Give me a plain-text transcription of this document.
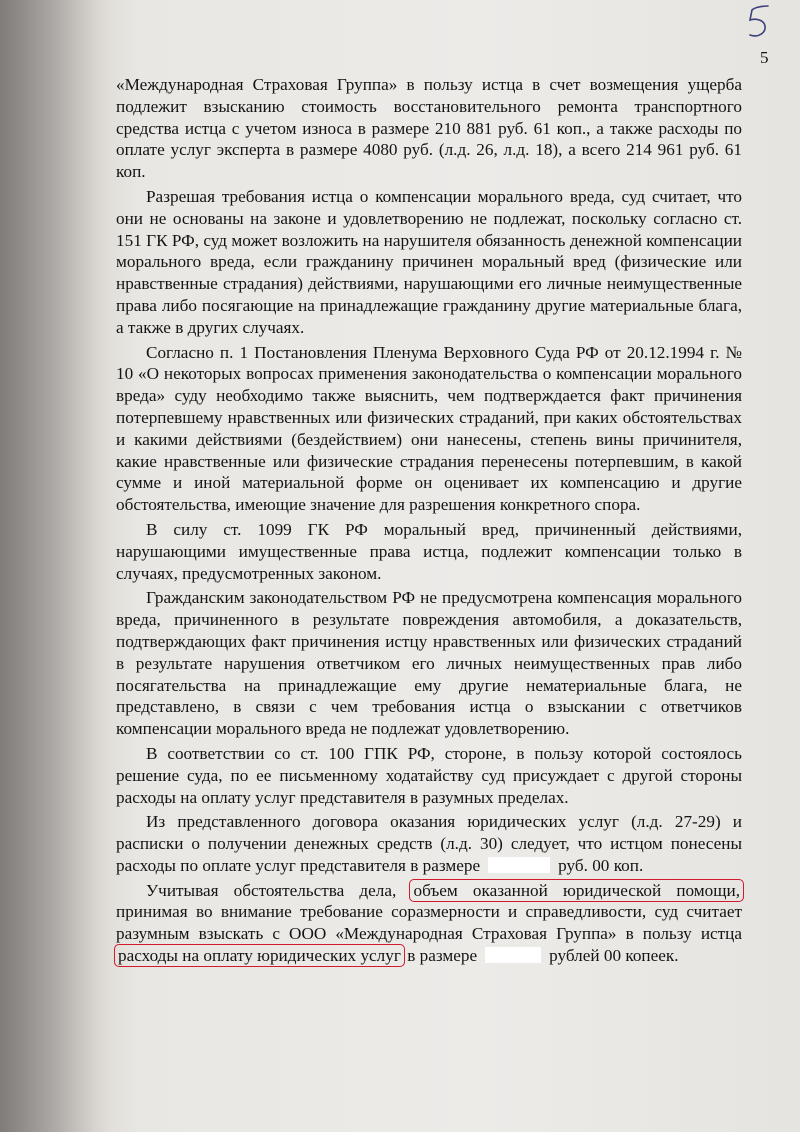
5

«Международная Страховая Группа» в пользу истца в счет возмещения ущерба подлежит взысканию стоимость восстановительного ремонта транспортного средства истца с учетом износа в размере 210 881 руб. 61 коп., а также расходы по оплате услуг эксперта в размере 4080 руб. (л.д. 26, л.д. 18), а всего 214 961 руб. 61 коп.

Разрешая требования истца о компенсации морального вреда, суд считает, что они не основаны на законе и удовлетворению не подлежат, поскольку согласно ст. 151 ГК РФ, суд может возложить на нарушителя обязанность денежной компенсации морального вреда, если гражданину причинен моральный вред (физические или нравственные страдания) действиями, нарушающими его личные неимущественные права либо посягающие на принадлежащие гражданину другие материальные блага, а также в других случаях.

Согласно п. 1 Постановления Пленума Верховного Суда РФ от 20.12.1994 г. № 10 «О некоторых вопросах применения законодательства о компенсации морального вреда» суду необходимо также выяснить, чем подтверждается факт причинения потерпевшему нравственных или физических страданий, при каких обстоятельствах и какими действиями (бездействием) они нанесены, степень вины причинителя, какие нравственные или физические страдания перенесены потерпевшим, в какой сумме и иной материальной форме он оценивает их компенсацию и другие обстоятельства, имеющие значение для разрешения конкретного спора.

В силу ст. 1099 ГК РФ моральный вред, причиненный действиями, нарушающими имущественные права истца, подлежит компенсации только в случаях, предусмотренных законом.

Гражданским законодательством РФ не предусмотрена компенсация морального вреда, причиненного в результате повреждения автомобиля, а доказательств, подтверждающих факт причинения истцу нравственных или физических страданий в результате нарушения ответчиком его личных неимущественных прав либо посягательства на принадлежащие ему другие нематериальные блага, не представлено, в связи с чем требования истца о взыскании с ответчиков компенсации морального вреда не подлежат удовлетворению.

В соответствии со ст. 100 ГПК РФ, стороне, в пользу которой состоялось решение суда, по ее письменному ходатайству суд присуждает с другой стороны расходы на оплату услуг представителя в разумных пределах.

Из представленного договора оказания юридических услуг (л.д. 27-29) и расписки о получении денежных средств (л.д. 30) следует, что истцом понесены расходы по оплате услуг представителя в размере	руб. 00 коп.

Учитывая обстоятельства дела, объем оказанной юридической помощи, принимая во внимание требование соразмерности и справедливости, суд считает разумным взыскать с ООО «Международная Страховая Группа» в пользу истца расходы на оплату юридических услуг в размере	рублей 00 копеек.
